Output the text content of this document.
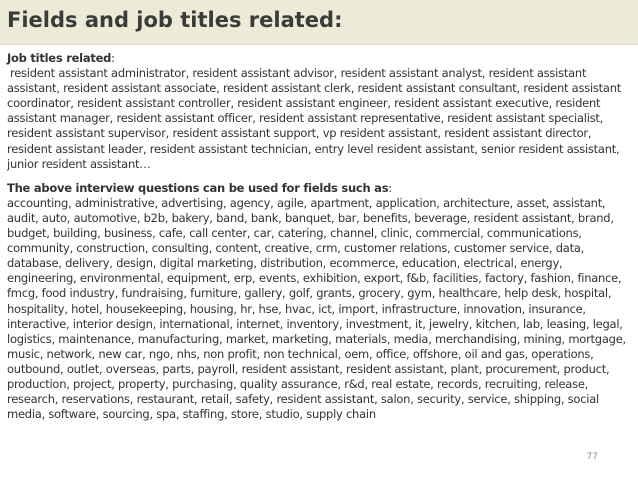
Fields and job titles related:

Job titles related:

resident assistant administrator, resident assistant advisor, resident assistant analyst, resident assistant assistant, resident assistant associate, resident assistant clerk, resident assistant consultant, resident assistant coordinator, resident assistant controller, resident assistant engineer, resident assistant executive, resident assistant manager, resident assistant officer, resident assistant representative, resident assistant specialist, resident assistant supervisor, resident assistant support, vp resident assistant, resident assistant director, resident assistant leader, resident assistant technician, entry level resident assistant, senior resident assistant, junior resident assistant…

The above interview questions can be used for fields such as:

accounting, administrative, advertising, agency, agile, apartment, application, architecture, asset, assistant, audit, auto, automotive, b2b, bakery, band, bank, banquet, bar, benefits, beverage, resident assistant, brand, budget, building, business, cafe, call center, car, catering, channel, clinic, commercial, communications, community, construction, consulting, content, creative, crm, customer relations, customer service, data, database, delivery, design, digital marketing, distribution, ecommerce, education, electrical, energy, engineering, environmental, equipment, erp, events, exhibition, export, f&b, facilities, factory, fashion, finance, fmcg, food industry, fundraising, furniture, gallery, golf, grants, grocery, gym, healthcare, help desk, hospital, hospitality, hotel, housekeeping, housing, hr, hse, hvac, ict, import, infrastructure, innovation, insurance, interactive, interior design, international, internet, inventory, investment, it, jewelry, kitchen, lab, leasing, legal, logistics, maintenance, manufacturing, market, marketing, materials, media, merchandising, mining, mortgage, music, network, new car, ngo, nhs, non profit, non technical, oem, office, offshore, oil and gas, operations, outbound, outlet, overseas, parts, payroll, resident assistant, resident assistant, plant, procurement, product, production, project, property, purchasing, quality assurance, r&d, real estate, records, recruiting, release, research, reservations, restaurant, retail, safety, resident assistant, salon, security, service, shipping, social media, software, sourcing, spa, staffing, store, studio, supply chain

77
